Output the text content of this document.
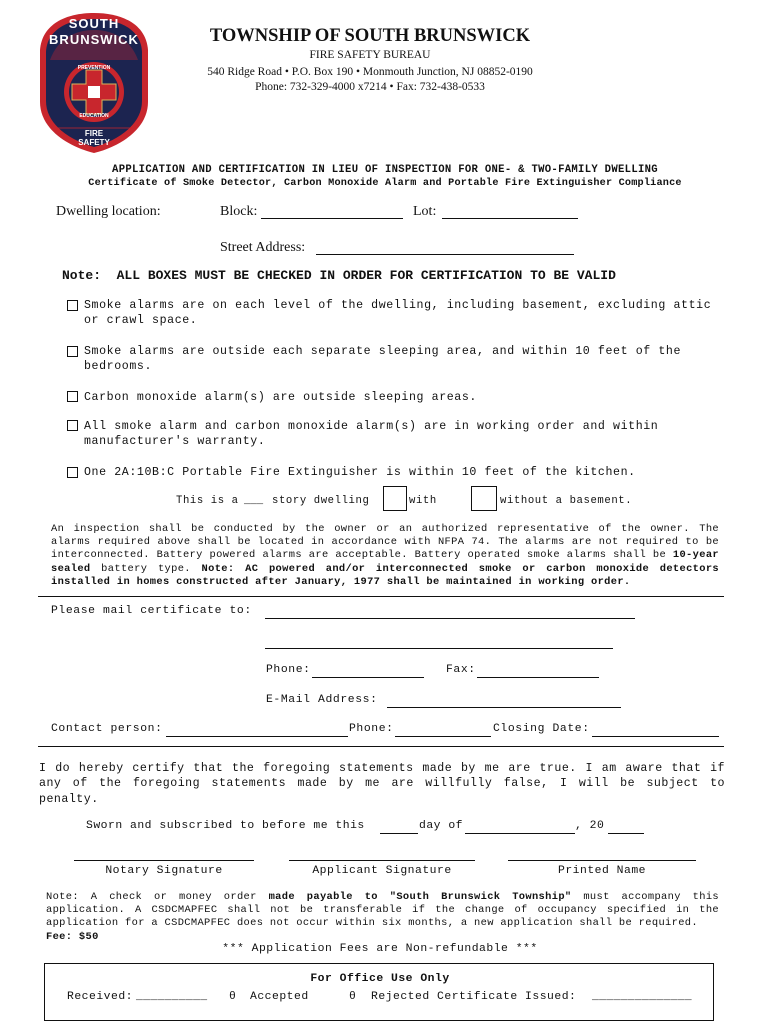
SOUTH
BRUNSWICK
PREVENTION
EDUCATION
FIRE
SAFETY
TOWNSHIP OF SOUTH BRUNSWICK
FIRE SAFETY BUREAU
540 Ridge Road • P.O. Box 190 • Monmouth Junction, NJ 08852-0190
Phone: 732-329-4000 x7214 • Fax: 732-438-0533
APPLICATION AND CERTIFICATION IN LIEU OF INSPECTION FOR ONE- & TWO-FAMILY DWELLING
Certificate of Smoke Detector, Carbon Monoxide Alarm and Portable Fire Extinguisher Compliance
Dwelling location:	Block:	Lot:
Street Address:
Note:  ALL BOXES MUST BE CHECKED IN ORDER FOR CERTIFICATION TO BE VALID
Smoke alarms are on each level of the dwelling, including basement, excluding attic or crawl space.
Smoke alarms are outside each separate sleeping area, and within 10 feet of the bedrooms.
Carbon monoxide alarm(s) are outside sleeping areas.
All smoke alarm and carbon monoxide alarm(s) are in working order and within manufacturer's warranty.
One 2A:10B:C Portable Fire Extinguisher is within 10 feet of the kitchen.
This is a ___ story dwelling	with	without a basement.
An inspection shall be conducted by the owner or an authorized representative of the owner. The alarms required above shall be located in accordance with NFPA 74. The alarms are not required to be interconnected. Battery powered alarms are acceptable. Battery operated smoke alarms shall be 10-year sealed battery type. Note: AC powered and/or interconnected smoke or carbon monoxide detectors installed in homes constructed after January, 1977 shall be maintained in working order.
Please mail certificate to:
Phone:	Fax:
E-Mail Address:
Contact person:	Phone:	Closing Date:
I do hereby certify that the foregoing statements made by me are true. I am aware that if any of the foregoing statements made by me are willfully false, I will be subject to penalty.
Sworn and subscribed to before me this	day of	, 20
Notary Signature	Applicant Signature	Printed Name
Note: A check or money order made payable to "South Brunswick Township" must accompany this application. A CSDCMAPFEC shall not be transferable if the change of occupancy specified in the application for a CSDCMAPFEC does not occur within six months, a new application shall be required.
Fee: $50
*** Application Fees are Non-refundable ***
For Office Use Only
Received: __________ θ Accepted	θ Rejected Certificate Issued: ______________
